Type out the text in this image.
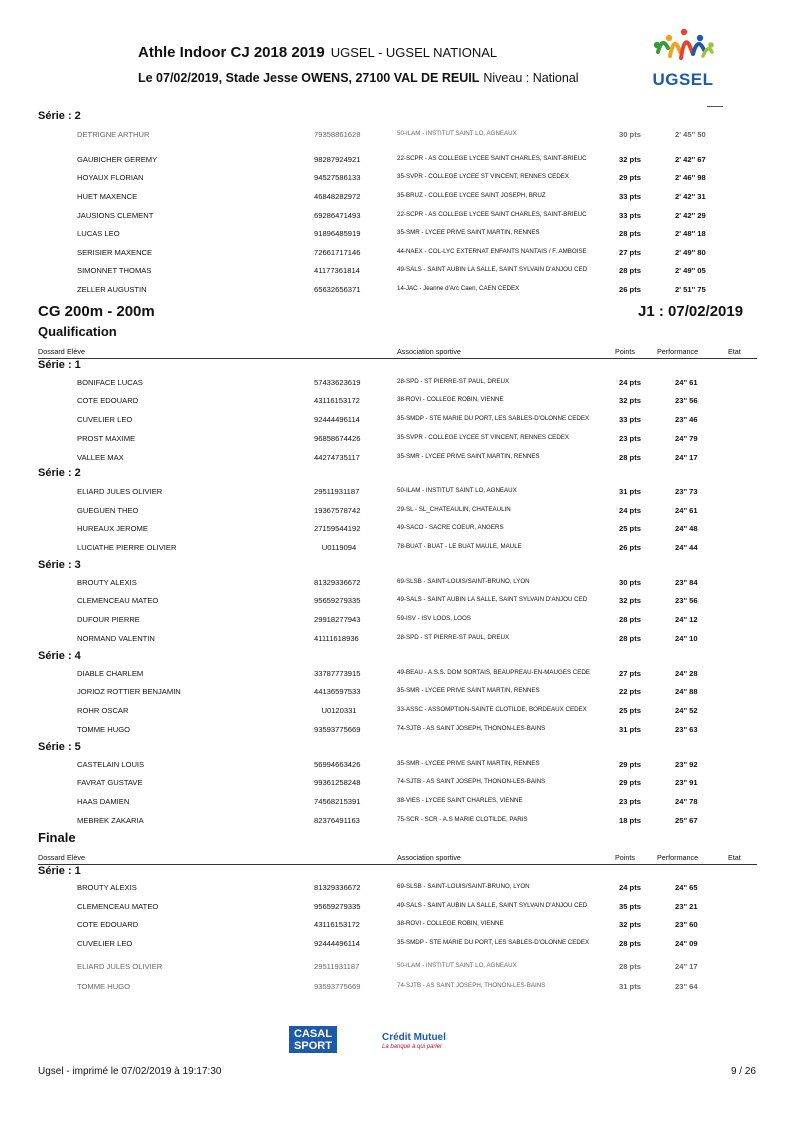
Athle Indoor CJ 2018 2019 UGSEL - UGSEL NATIONAL
Le 07/02/2019, Stade Jesse OWENS, 27100 VAL DE REUIL Niveau : National	UGSEL
Série : 2
DETRIGNE ARTHUR	79358861628	50-ILAM - INSTITUT SAINT LO, AGNEAUX	30 pts	2' 45'' 50
GAUBICHER GEREMY	98287924921	22-SCPR - AS COLLEGE LYCEE SAINT CHARLES, SAINT-BRIEUC	32 pts	2' 42'' 67
HOYAUX FLORIAN	94527586133	35-SVPR - COLLEGE LYCEE ST VINCENT, RENNES CEDEX	29 pts	2' 46'' 98
HUET MAXENCE	46848282972	35-BRUZ - COLLEGE LYCEE SAINT JOSEPH, BRUZ	33 pts	2' 42'' 31
JAUSIONS CLEMENT	69286471493	22-SCPR - AS COLLEGE LYCEE SAINT CHARLES, SAINT-BRIEUC	33 pts	2' 42'' 29
LUCAS LEO	91896485919	35-SMR - LYCEE PRIVE SAINT MARTIN, RENNES	28 pts	2' 48'' 18
SERISIER MAXENCE	72661717146	44-NAEX - COL-LYC EXTERNAT ENFANTS NANTAIS / F. AMBOISE	27 pts	2' 49'' 80
SIMONNET THOMAS	41177361814	49-SALS - SAINT AUBIN LA SALLE, SAINT SYLVAIN D'ANJOU CED	28 pts	2' 49'' 05
ZELLER AUGUSTIN	65632656371	14-JAC - Jeanne d'Arc Caen, CAEN CEDEX	26 pts	2' 51'' 75
CG 200m - 200m	J1 : 07/02/2019
Qualification
Dossard Elève	Association sportive	Points	Performance	Etat
Série : 1
BONIFACE LUCAS	57433623619	28-SPD - ST PIERRE-ST PAUL, DREUX	24 pts	24'' 61
COTE EDOUARD	43116153172	38-ROVI - COLLEGE ROBIN, VIENNE	32 pts	23'' 56
CUVELIER LEO	92444496114	35-SMDP - STE MARIE DU PORT, LES SABLES-D'OLONNE CEDEX	33 pts	23'' 46
PROST MAXIME	96858674426	35-SVPR - COLLEGE LYCEE ST VINCENT, RENNES CEDEX	23 pts	24'' 79
VALLEE MAX	44274735117	35-SMR - LYCEE PRIVE SAINT MARTIN, RENNES	28 pts	24'' 17
Série : 2
ELIARD JULES OLIVIER	29511931187	50-ILAM - INSTITUT SAINT LO, AGNEAUX	31 pts	23'' 73
GUEGUEN THEO	19367578742	29-SL - SL_CHATEAULIN, CHATEAULIN	24 pts	24'' 61
HUREAUX JEROME	27159544192	49-SACO - SACRE COEUR, ANGERS	25 pts	24'' 48
LUCIATHE PIERRE OLIVIER	U0119094	78-BUAT - BUAT - LE BUAT MAULE, MAULE	26 pts	24'' 44
Série : 3
BROUTY ALEXIS	81329336672	69-SLSB - SAINT-LOUIS/SAINT-BRUNO, LYON	30 pts	23'' 84
CLEMENCEAU MATEO	95659279335	49-SALS - SAINT AUBIN LA SALLE, SAINT SYLVAIN D'ANJOU CED	32 pts	23'' 56
DUFOUR PIERRE	29918277943	59-ISV - ISV LOOS, LOOS	28 pts	24'' 12
NORMAND VALENTIN	41111618936	28-SPD - ST PIERRE-ST PAUL, DREUX	28 pts	24'' 10
Série : 4
DIABLE CHARLEM	33787773915	49-BEAU - A.S.S. DOM SORTAIS, BEAUPREAU-EN-MAUGES CEDE	27 pts	24'' 28
JORIOZ ROTTIER BENJAMIN	44136597533	35-SMR - LYCEE PRIVE SAINT MARTIN, RENNES	22 pts	24'' 88
ROHR OSCAR	U0120331	33-ASSC - ASSOMPTION-SAINTE CLOTILDE, BORDEAUX CEDEX	25 pts	24'' 52
TOMME HUGO	93593775669	74-SJTB - AS SAINT JOSEPH, THONON-LES-BAINS	31 pts	23'' 63
Série : 5
CASTELAIN LOUIS	56994663426	35-SMR - LYCEE PRIVE SAINT MARTIN, RENNES	29 pts	23'' 92
FAVRAT GUSTAVE	99361258248	74-SJTB - AS SAINT JOSEPH, THONON-LES-BAINS	29 pts	23'' 91
HAAS DAMIEN	74568215391	38-VIES - LYCEE SAINT CHARLES, VIENNE	23 pts	24'' 78
MEBREK ZAKARIA	82376491163	75-SCR - SCR - A.S MARIE CLOTILDE, PARIS	18 pts	25'' 67
Finale
Dossard Elève	Association sportive	Points	Performance	Etat
Série : 1
BROUTY ALEXIS	81329336672	69-SLSB - SAINT-LOUIS/SAINT-BRUNO, LYON	24 pts	24'' 65
CLEMENCEAU MATEO	95659279335	49-SALS - SAINT AUBIN LA SALLE, SAINT SYLVAIN D'ANJOU CED	35 pts	23'' 21
COTE EDOUARD	43116153172	38-ROVI - COLLEGE ROBIN, VIENNE	32 pts	23'' 60
CUVELIER LEO	92444496114	35-SMDP - STE MARIE DU PORT, LES SABLES-D'OLONNE CEDEX	28 pts	24'' 09
ELIARD JULES OLIVIER	29511931187	50-ILAM - INSTITUT SAINT LO, AGNEAUX	28 pts	24'' 17
TOMME HUGO	93593775669	74-SJTB - AS SAINT JOSEPH, THONON-LES-BAINS	31 pts	23'' 64
CASAL SPORT
Crédit Mutuel
La banque à qui parler
Ugsel - imprimé le 07/02/2019 à 19:17:30	9 / 26
